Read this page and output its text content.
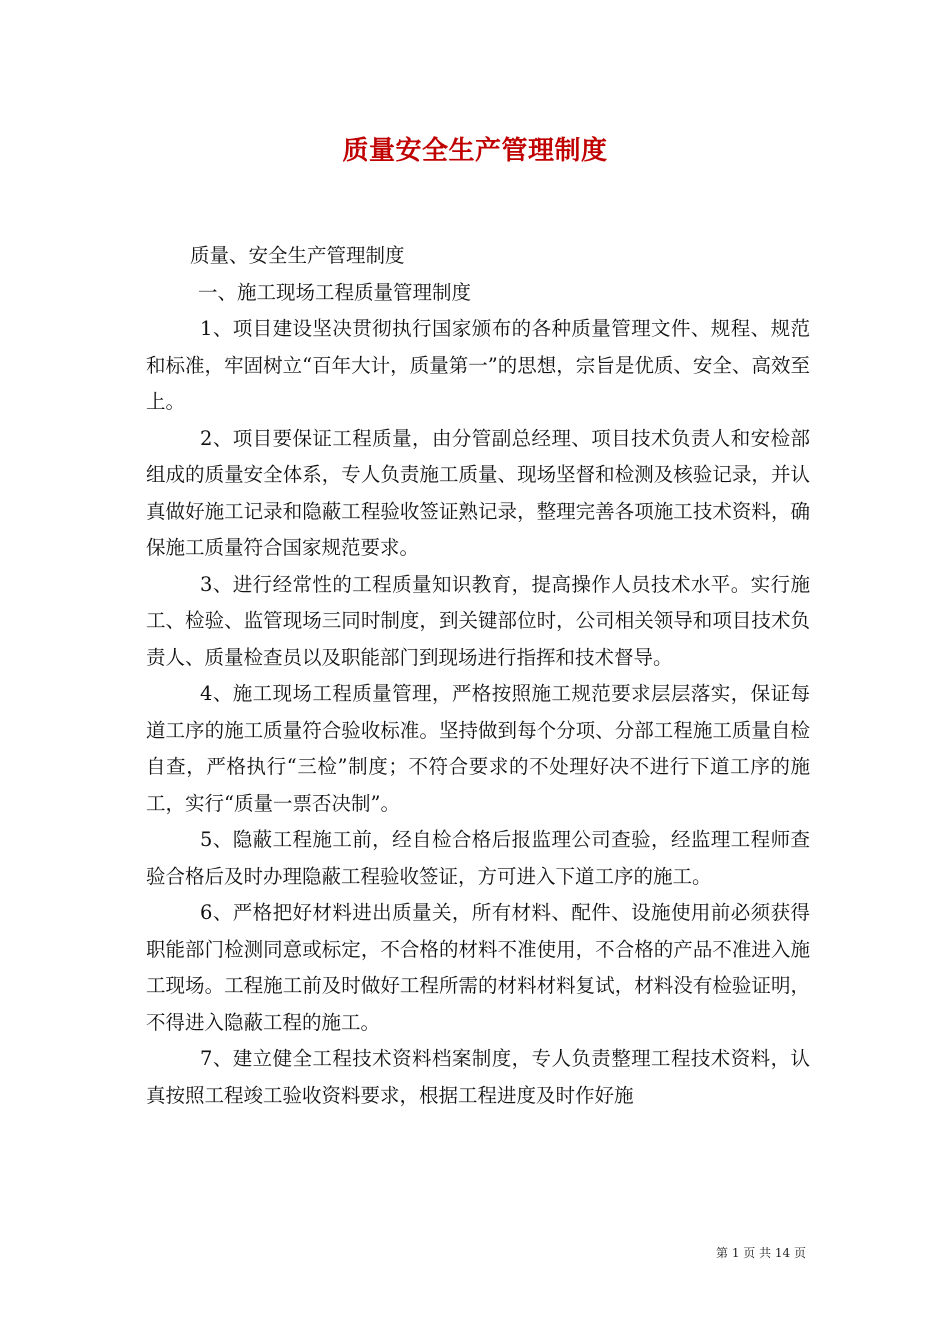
质量安全生产管理制度

质量、安全生产管理制度

一、施工现场工程质量管理制度

1、项目建设坚决贯彻执行国家颁布的各种质量管理文件、规程、规范和标准，牢固树立“百年大计，质量第一”的思想，宗旨是优质、安全、高效至上。

2、项目要保证工程质量，由分管副总经理、项目技术负责人和安检部组成的质量安全体系，专人负责施工质量、现场坚督和检测及核验记录，并认真做好施工记录和隐蔽工程验收签证熟记录，整理完善各项施工技术资料，确保施工质量符合国家规范要求。

3、进行经常性的工程质量知识教育，提高操作人员技术水平。实行施工、检验、监管现场三同时制度，到关键部位时，公司相关领导和项目技术负责人、质量检查员以及职能部门到现场进行指挥和技术督导。

4、施工现场工程质量管理，严格按照施工规范要求层层落实，保证每道工序的施工质量符合验收标准。坚持做到每个分项、分部工程施工质量自检自查，严格执行“三检”制度；不符合要求的不处理好决不进行下道工序的施工，实行“质量一票否决制”。

5、隐蔽工程施工前，经自检合格后报监理公司查验，经监理工程师查验合格后及时办理隐蔽工程验收签证，方可进入下道工序的施工。

6、严格把好材料进出质量关，所有材料、配件、设施使用前必须获得职能部门检测同意或标定，不合格的材料不准使用，不合格的产品不准进入施工现场。工程施工前及时做好工程所需的材料材料复试，材料没有检验证明，不得进入隐蔽工程的施工。

7、建立健全工程技术资料档案制度，专人负责整理工程技术资料，认真按照工程竣工验收资料要求，根据工程进度及时作好施

第 1 页 共 14 页
